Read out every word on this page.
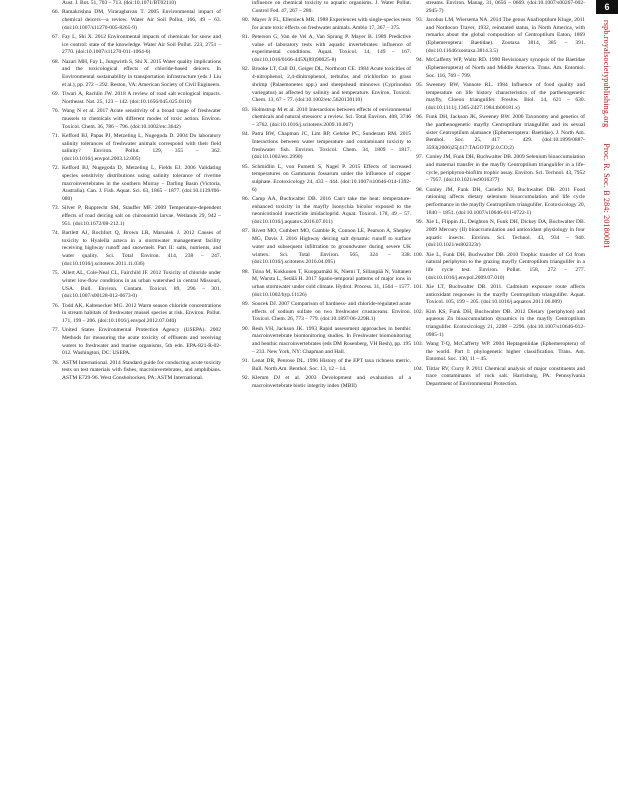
6
rspb.royalsocietypublishing.orgProc. R. Soc. B 284: 20180081
Aust. J. Bot. 51, 703 – 713. (doi:10.1071/BT02110)
66. Ramakrishna DM, Viraraghavan T. 2005 Environmental impact of chemical deicers—a review. Water Air Soil Pollut. 166, 49 – 63. (doi:10.1007/s11270-005-8265-9)
67. Fay L, Shi X. 2012 Environmental impacts of chemicals for snow and ice control: state of the knowledge. Water Air Soil Pollut. 223, 2751 – 2770. (doi:10.1007/s11270-011-1064-6)
68. Nazari MH, Fay L, Jungwirth S, Shi X. 2015 Water quality implications and the toxicological effects of chloride-based deicers. In Environmental sustainability in transportation infrastructure (eds J Liu et al.), pp. 272 – 292. Reston, VA: American Society of Civil Engineers.
69. Tiwari A, Rachlin JW. 2018 A review of road salt ecological impacts. Northeast. Nat. 25, 123 – 142. (doi:10.1656/045.025.0110)
70. Wang N et al. 2017 Acute sensitivity of a broad range of freshwater mussels to chemicals with different modes of toxic action. Environ. Toxicol. Chem. 36, 786 – 796. (doi:10.1002/etc.3642)
71. Kefford BJ, Papas PJ, Metzeling L, Nugegoda D. 2004 Do laboratory salinity tolerances of freshwater animals correspond with their field salinity? Environ. Pollut. 129, 355 – 362. (doi:10.1016/j.envpol.2003.12.005)
72. Kefford BJ, Nugegoda D, Metzeling L, Fields EJ. 2006 Validating species sensitivity distributions using salinity tolerance of riverine macroinvertebrates in the southern Murray – Darling Basin (Victoria, Australia). Can. J. Fish. Aquat. Sci. 63, 1865 – 1877. (doi:10.1139/f06-080)
73. Silver P, Rupprecht SM, Stauffer MF. 2009 Temperature-dependent effects of road deicing salt on chironomid larvae. Wetlands 29, 942 – 951. (doi:10.1672/08-212.1)
74. Bartlett AJ, Rochfort Q, Brown LR, Marsalek J. 2012 Causes of toxicity to Hyalella azteca in a stormwater management facility receiving highway runoff and snowmelt. Part II: salts, nutrients, and water quality. Sci. Total Environ. 414, 238 – 247. (doi:10.1016/j.scitotenv.2011.11.036)
75. Allert AL, Cole-Neal CL, Fairchild JF. 2012 Toxicity of chloride under winter low-flow conditions in an urban watershed in central Missouri, USA. Bull. Environ. Contam. Toxicol. 89, 296 – 301. (doi:10.1007/s00128-012-0673-0)
76. Todd AK, Kaltenecker MG. 2012 Warm season chloride concentrations in stream habitats of freshwater mussel species at risk. Environ. Pollut. 171, 199 – 206. (doi:10.1016/j.envpol.2012.07.040)
77. United States Environmental Protection Agency (USEPA). 2002 Methods for measuring the acute toxicity of effluents and receiving waters to freshwater and marine organisms, 5th edn. EPA-821-R-02-012. Washington, DC: USEPA.
78. ASTM International. 2014 Standard guide for conducting acute toxicity tests on test materials with fishes, macroinvertebrates, and amphibians. ASTM E729-96. West Conshohocken, PA: ASTM International.
influence on chemical toxicity to aquatic organisms. J. Water Pollut. Control Fed. 47, 267 – 280.
80. Mayer Jr FL, Ellersieck MR. 1988 Experiences with single-species tests for acute toxic effects on freshwater animals. Ambio 17, 367 – 375.
81. Peterson G, Van de Vel A, Van Sprang P. Mayer B. 1989 Predictive value of laboratory tests with aquatic invertebrates: influence of experimental conditions. Aquat. Toxicol. 14, 149 – 167. (doi:10.1016/0166-445X(89)90025-8)
82. Brooke LT, Call DJ, Geiger DL, Northcott CE. 1984 Acute toxicities of 4-nitrophenol, 2,4-dinitrophenol, terbufos and trichlorfon to grass shrimp (Palaemonetes spp.) and sheepshead minnows (Cyprinodon variegatus) as affected by salinity and temperature. Environ. Toxicol. Chem. 13, 67 – 77. (doi:10.1002/etc.5620130110)
83. Holmstrup M et al. 2010 Interactions between effects of environmental chemicals and natural stressors: a review. Sci. Total Environ. 408, 3746 – 3762. (doi:10.1016/j.scitotenv.2009.10.067)
84. Patra RW, Chapman JC, Lim RP, Gehrke PC, Sunderam RM. 2015 Interactions between water temperature and contaminant toxicity to freshwater fish. Environ. Toxicol. Chem. 34, 1809 – 1817. (doi:10.1002/etc.2990)
85. Schmidlin L, von Fumetti S, Nagel P. 2015 Effects of increased temperatures on Gammarus fossarum under the influence of copper sulphate. Ecotoxicology 24, 433 – 444. (doi:10.1007/s10646-014-1392-6)
86. Camp AA, Buchwalter DB. 2016 Can't take the heat: temperature-enhanced toxicity in the mayfly Isonychia bicolor exposed to the neonicotinoid insecticide imidacloprid. Aquat. Toxicol. 178, 49 – 57. (doi:10.1016/j.aquatox.2016.07.011)
87. Rivett MO, Cuthbert MO, Gamble R, Connon LE, Pearson A, Shepley MG, Davis J. 2016 Highway deicing salt dynamic runoff to surface water and subsequent infiltration to groundwater during severe UK winters. Sci. Total Environ. 565, 324 – 338. (doi:10.1016/j.scitotenv.2016.04.095)
88. Tsloa M, Kokkonen T, Kuoppamäki K, Niemi T, Sillanpää N, Valtanen M, Warsta L, Setälä H. 2017 Spatio-temporal patterns of major ions in urban stormwater under cold climate. Hydrol. Process. 31, 1564 – 1577. (doi:10.1002/hyp.11126)
89. Soucek DJ. 2007 Comparison of hardness- and chloride-regulated acute effects of sodium sulfate on two freshwater crustaceans. Environ. Toxicol. Chem. 26, 773 – 779. (doi:10.1897/06-229R.1)
90. Resh VH, Jackson JK. 1993 Rapid assessment approaches in benthic macroinvertebrate biomonitoring studies. In Freshwater biomonitoring and benthic macroinvertebrates (eds DM Rosenberg, VH Resh), pp. 195 – 233. New York, NY: Chapman and Hall.
91. Lenat DR, Penrose DL. 1996 History of the EPT taxa richness metric. Bull. North Am. Benthol. Soc. 13, 12 – 14.
92. Klemm DJ et al. 2003 Development and evaluation of a macroinvertebrate biotic integrity index (MBII)
streams. Environ. Manag. 31, 0656 – 0669. (doi:10.1007/s00267-002-2945-7)
93. Jacobus LM, Wiersema NA. 2014 The genus Anafroptilum Kluge, 2011 and Nordocon Traver, 1932, reinstated status, in North America, with remarks about the global composition of Centroptilum Eaton, 1869 (Ephemeroptera: Baetidae). Zootaxa 3814, 385 – 391. (doi:10.11646/zootaxa.3814.3.5)
94. McCafferty WP, Waltz RD. 1990 Revisionary synopsis of the Baetidae (Ephemeroptera) of North and Middle America. Trans. Am. Entomol. Soc. 116, 769 – 799.
95. Sweeney BW, Vannote RL. 1984 Influence of food quality and temperature on life history characteristics of the parthenogenetic mayfly, Cloeon triangulifer. Freshw. Biol. 14, 621 – 630. (doi:10.1111/j.1365-2427.1984.tb00181.x)
96. Funk DH, Jackson JK, Sweeney BW. 2006 Taxonomy and genetics of the parthenogenetic mayfly Centroptilum triangulifer and its sexual sister Centroptilum alamance (Ephemeroptera: Baetidae). J. North Am. Benthol. Soc. 25, 417 – 429. (doi:10.1899/0887-3593(2006)25[417:TAGOTP]2.0.CO;2)
97. Conley JM, Funk DH, Buchwalter DB. 2009 Selenium bioaccumulation and maternal transfer in the mayfly Centroptilum triangulifer in a life-cycle, periphyton-biofilm trophic assay. Environ. Sci. Technol. 43, 7952 – 7957. (doi:10.1021/es9016377)
98. Conley JM, Funk DH, Cariello NJ, Buchwalter DB. 2011 Food rationing affects dietary selenium bioaccumulation and life cycle performance in the mayfly Centroptilum triangulifer. Ecotoxicology 20, 1840 – 1851. (doi:10.1007/s10646-011-0722-1)
99. Xie L, Flippin JL, Deighton N, Funk DH, Dickey DA, Buchwalter DB. 2009 Mercury (II) bioaccumulation and antioxidant physiology in four aquatic insects. Environ. Sci. Technol. 43, 934 – 940. (doi:10.1021/es802323r)
100. Xie L, Funk DH, Buchwalter DB. 2010 Trophic transfer of Cd from natural periphyton to the grazing mayfly Centroptilum triangulifer in a life cycle test. Environ. Pollut. 158, 272 – 277. (doi:10.1016/j.envpol.2009.07.010)
101. Xie LT, Buchwalter DB. 2011. Cadmium exposure route affects antioxidant responses in the mayfly Centroptilum triangulifer. Aquat. Toxicol. 105, 199 – 205. (doi:10.1016/j.aquatox.2011.06.009)
102. Kim KS, Funk DH, Buchwalter DB. 2012 Dietary (periphyton) and aqueous Zn bioaccumulation dynamics in the mayfly Centroptilum triangulifer. Ecotoxicology 21, 2288 – 2296. (doi:10.1007/s10646-012-0985-1)
103. Wang T-Q, McCafferty WP. 2004 Heptageniidae (Ephemeroptera) of the world. Part I: phylogenetic higher classification. Trans. Am. Entomol. Soc. 130, 11 – 45.
104. Tiitlar RV, Curry P. 2011 Chemical analysis of major constituents and trace contaminants of rock salt. Harrisburg, PA: Pennsylvania Department of Environmental Protection.
